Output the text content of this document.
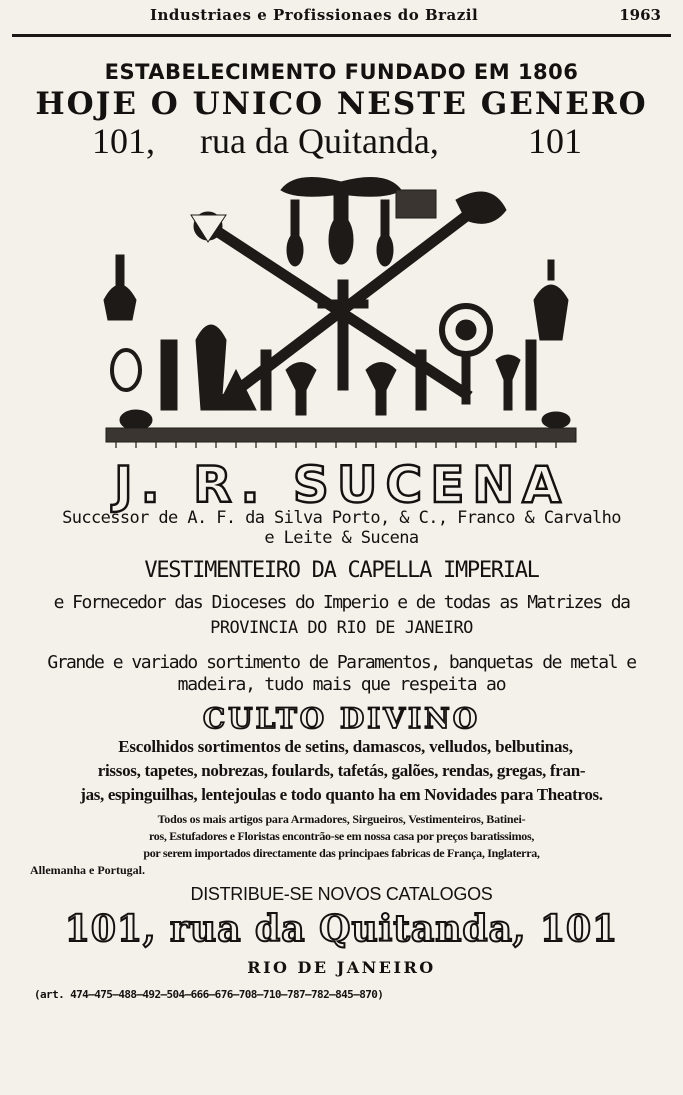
Industriaes e Profissionaes do Brazil	1963
ESTABELECIMENTO FUNDADO EM 1806
HOJE O UNICO NESTE GENERO
101, rua da Quitanda, 101
J. R. SUCENA
Successor de A. F. da Silva Porto, & C., Franco & Carvalho
e Leite & Sucena
VESTIMENTEIRO DA CAPELLA IMPERIAL
e Fornecedor das Dioceses do Imperio e de todas as Matrizes da
PROVINCIA DO RIO DE JANEIRO
Grande e variado sortimento de Paramentos, banquetas de metal e
madeira, tudo mais que respeita ao
CULTO DIVINO
Escolhidos sortimentos de setins, damascos, velludos, belbutinas,
rissos, tapetes, nobrezas, foulards, tafetás, galões, rendas, gregas, fran-
jas, espinguilhas, lentejoulas e todo quanto ha em Novidades para Theatros.
Todos os mais artigos para Armadores, Sirgueiros, Vestimenteiros, Batinei-
ros, Estufadores e Floristas encontrão-se em nossa casa por preços baratissimos,
por serem importados directamente das principaes fabricas de França, Inglaterra,
Allemanha e Portugal.
DISTRIBUE-SE NOVOS CATALOGOS
101, rua da Quitanda, 101
RIO DE JANEIRO
(art. 474—475—488—492—504—666—676—708—710—787—782—845—870)
